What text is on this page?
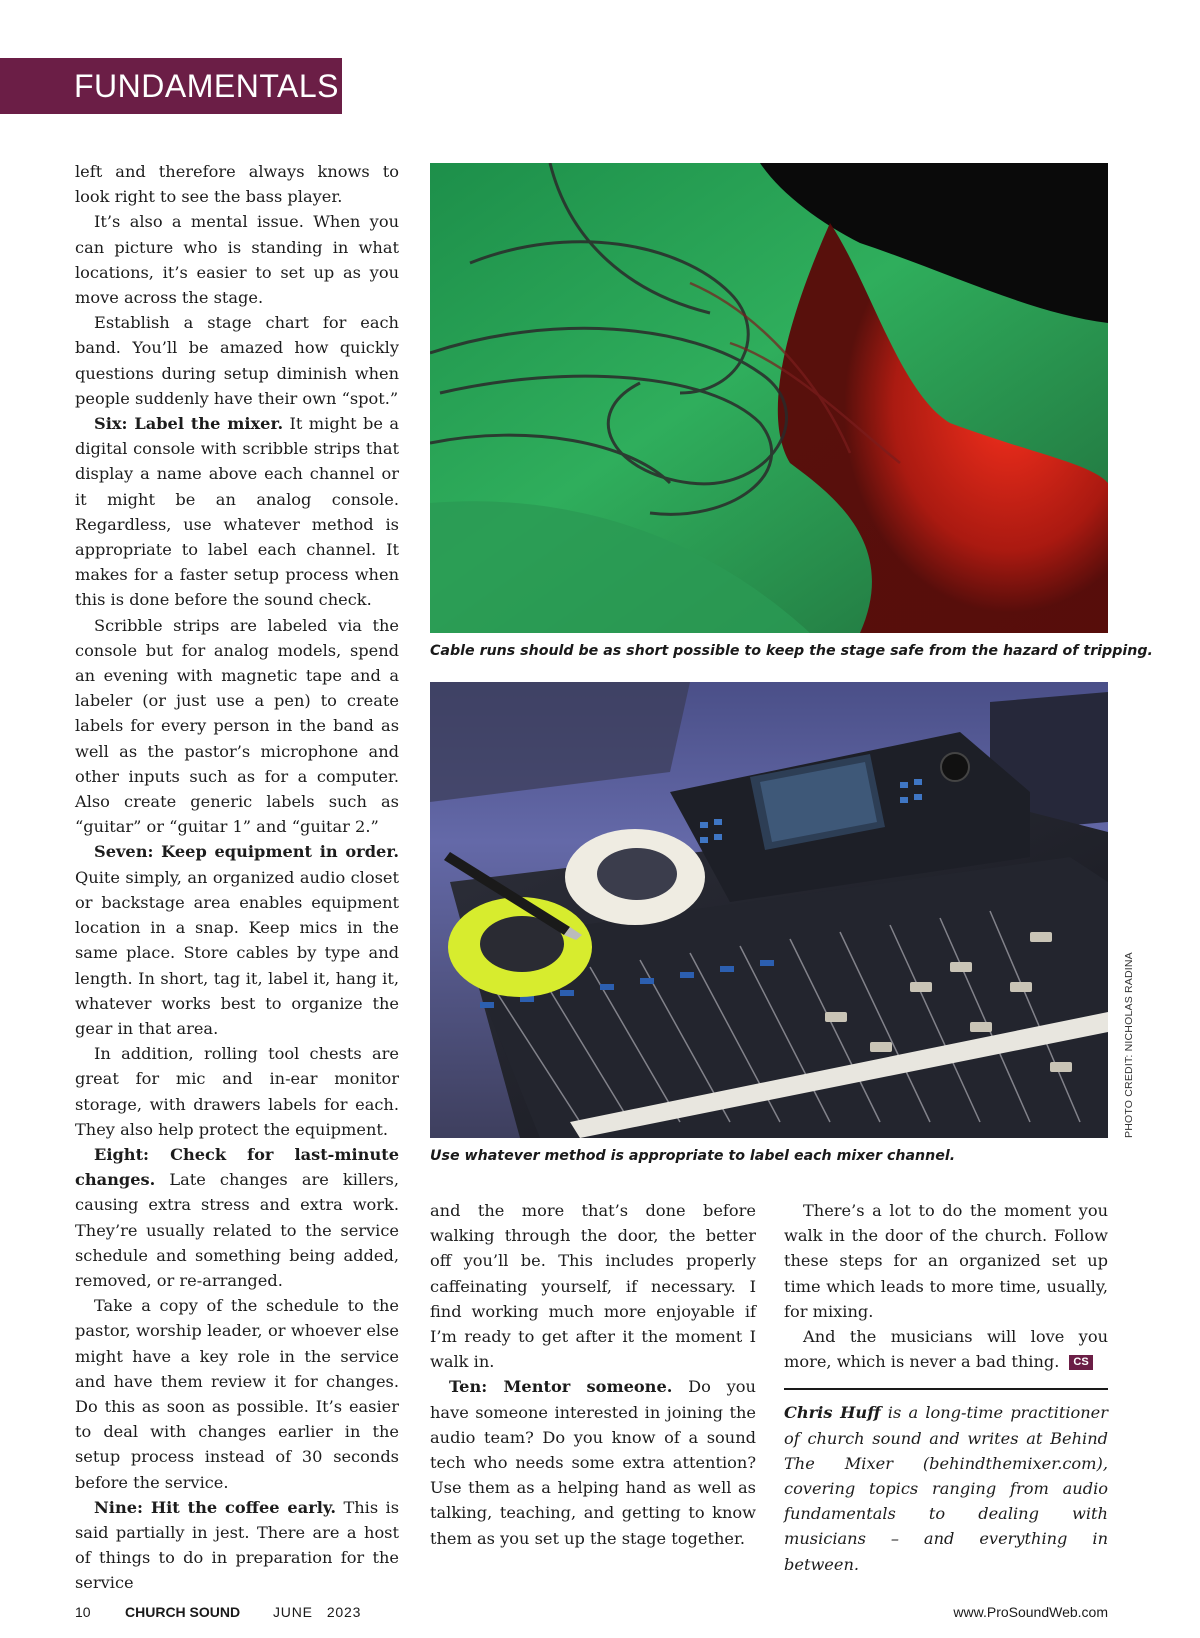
FUNDAMENTALS

left and therefore always knows to look right to see the bass player.

It’s also a mental issue. When you can picture who is standing in what locations, it’s easier to set up as you move across the stage.

Establish a stage chart for each band. You’ll be amazed how quickly questions during setup diminish when people suddenly have their own “spot.”

Six: Label the mixer. It might be a digital console with scribble strips that display a name above each channel or it might be an analog console. Regardless, use whatever method is appropriate to label each channel. It makes for a faster setup process when this is done before the sound check.

Scribble strips are labeled via the console but for analog models, spend an evening with magnetic tape and a labeler (or just use a pen) to create labels for every person in the band as well as the pastor’s microphone and other inputs such as for a computer. Also create generic labels such as “guitar” or “guitar 1” and “guitar 2.”

Seven: Keep equipment in order. Quite simply, an organized audio closet or backstage area enables equipment location in a snap. Keep mics in the same place. Store cables by type and length. In short, tag it, label it, hang it, whatever works best to organize the gear in that area.

In addition, rolling tool chests are great for mic and in-ear monitor storage, with drawers labels for each. They also help protect the equipment.

Eight: Check for last-minute changes. Late changes are killers, causing extra stress and extra work. They’re usually related to the service schedule and something being added, removed, or re-arranged.

Take a copy of the schedule to the pastor, worship leader, or whoever else might have a key role in the service and have them review it for changes. Do this as soon as possible. It’s easier to deal with changes earlier in the setup process instead of 30 seconds before the service.

Nine: Hit the coffee early. This is said partially in jest. There are a host of things to do in preparation for the service

Cable runs should be as short possible to keep the stage safe from the hazard of tripping.
PHOTO CREDIT: NICHOLAS RADINA
Use whatever method is appropriate to label each mixer channel.

and the more that’s done before walking through the door, the better off you’ll be. This includes properly caffeinating yourself, if necessary. I find working much more enjoyable if I’m ready to get after it the moment I walk in.

Ten: Mentor someone. Do you have someone interested in joining the audio team? Do you know of a sound tech who needs some extra attention? Use them as a helping hand as well as talking, teaching, and getting to know them as you set up the stage together.

There’s a lot to do the moment you walk in the door of the church. Follow these steps for an organized set up time which leads to more time, usually, for mixing.

And the musicians will love you more, which is never a bad thing. CS

Chris Huff is a long-time practitioner of church sound and writes at Behind The Mixer (behindthemixer.com), covering topics ranging from audio fundamentals to dealing with musicians – and everything in between.

10 CHURCH SOUND JUNE   2023	www.ProSoundWeb.com
